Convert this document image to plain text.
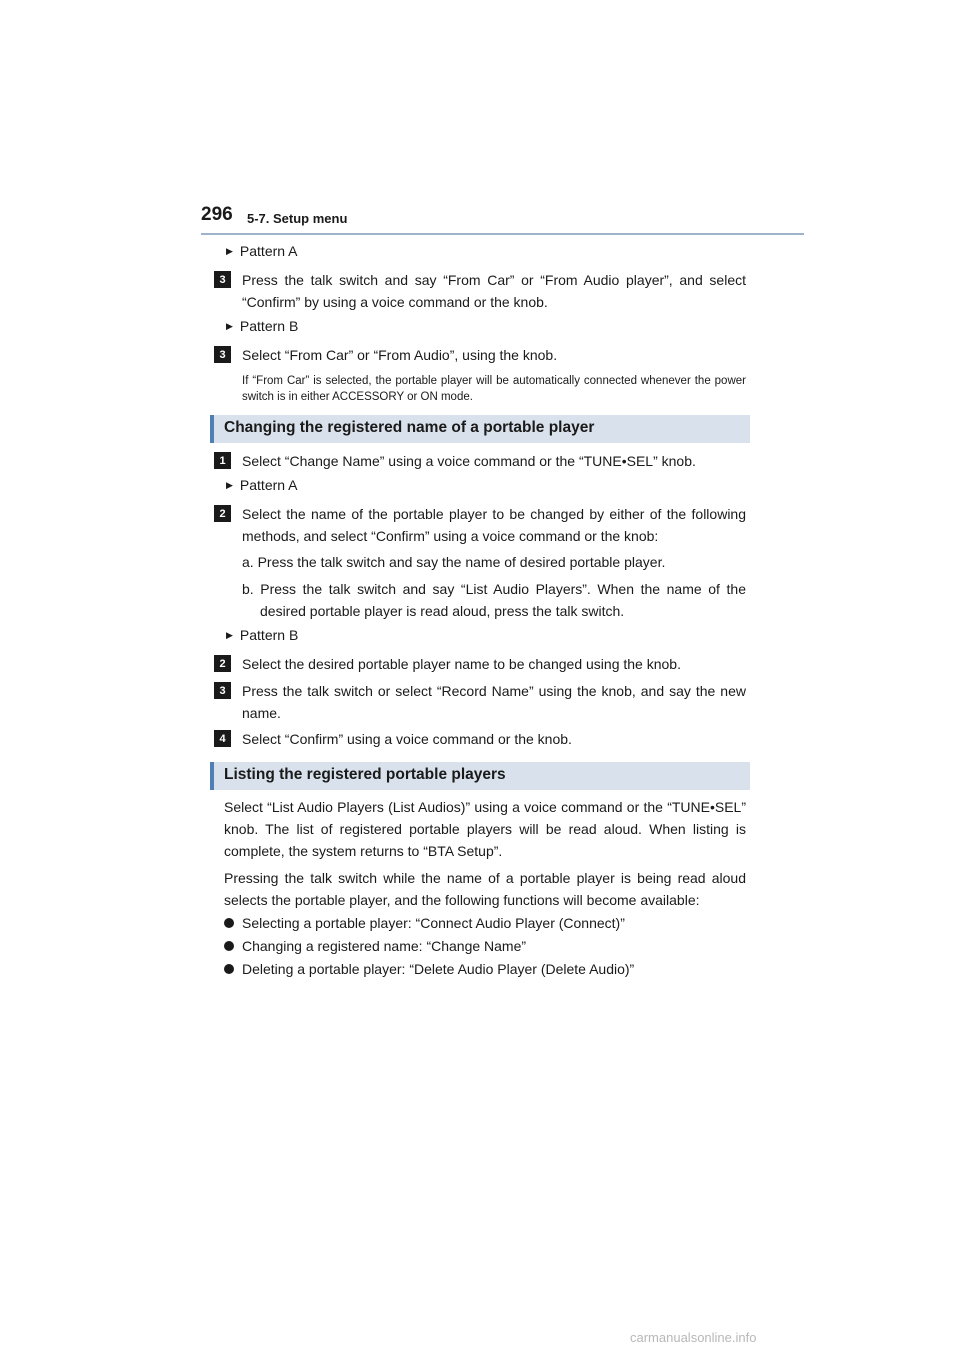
296 5-7. Setup menu
▶ Pattern A
3	Press the talk switch and say “From Car” or “From Audio player”, and select “Confirm” by using a voice command or the knob.
▶ Pattern B
3	Select “From Car” or “From Audio”, using the knob.
If “From Car” is selected, the portable player will be automatically connected whenever the power switch is in either ACCESSORY or ON mode.
Changing the registered name of a portable player
1	Select “Change Name” using a voice command or the “TUNE•SEL” knob.
▶ Pattern A
2	Select the name of the portable player to be changed by either of the following methods, and select “Confirm” using a voice command or the knob:
a. Press the talk switch and say the name of desired portable player.
b. Press the talk switch and say “List Audio Players”. When the name of the desired portable player is read aloud, press the talk switch.
▶ Pattern B
2	Select the desired portable player name to be changed using the knob.
3	Press the talk switch or select “Record Name” using the knob, and say the new name.
4	Select “Confirm” using a voice command or the knob.
Listing the registered portable players
Select “List Audio Players (List Audios)” using a voice command or the “TUNE•SEL” knob. The list of registered portable players will be read aloud. When listing is complete, the system returns to “BTA Setup”.
Pressing the talk switch while the name of a portable player is being read aloud selects the portable player, and the following functions will become available:
Selecting a portable player: “Connect Audio Player (Connect)”
Changing a registered name: “Change Name”
Deleting a portable player: “Delete Audio Player (Delete Audio)”
carmanualsonline.info
